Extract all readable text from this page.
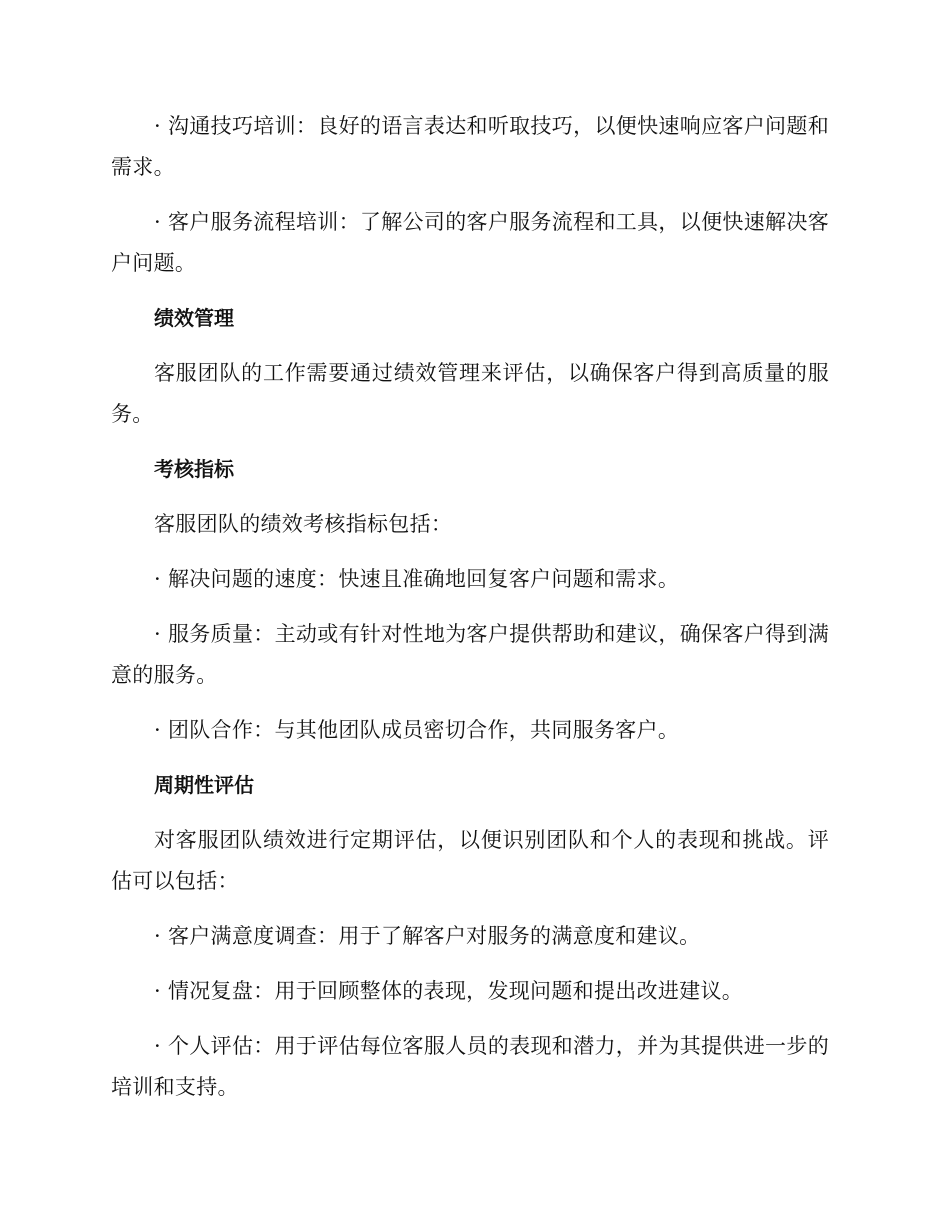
· 沟通技巧培训：良好的语言表达和听取技巧，以便快速响应客户问题和需求。

· 客户服务流程培训：了解公司的客户服务流程和工具，以便快速解决客户问题。

绩效管理

客服团队的工作需要通过绩效管理来评估，以确保客户得到高质量的服务。

考核指标

客服团队的绩效考核指标包括：

· 解决问题的速度：快速且准确地回复客户问题和需求。

· 服务质量：主动或有针对性地为客户提供帮助和建议，确保客户得到满意的服务。

· 团队合作：与其他团队成员密切合作，共同服务客户。

周期性评估

对客服团队绩效进行定期评估，以便识别团队和个人的表现和挑战。评估可以包括：

· 客户满意度调查：用于了解客户对服务的满意度和建议。

· 情况复盘：用于回顾整体的表现，发现问题和提出改进建议。

· 个人评估：用于评估每位客服人员的表现和潜力，并为其提供进一步的培训和支持。
